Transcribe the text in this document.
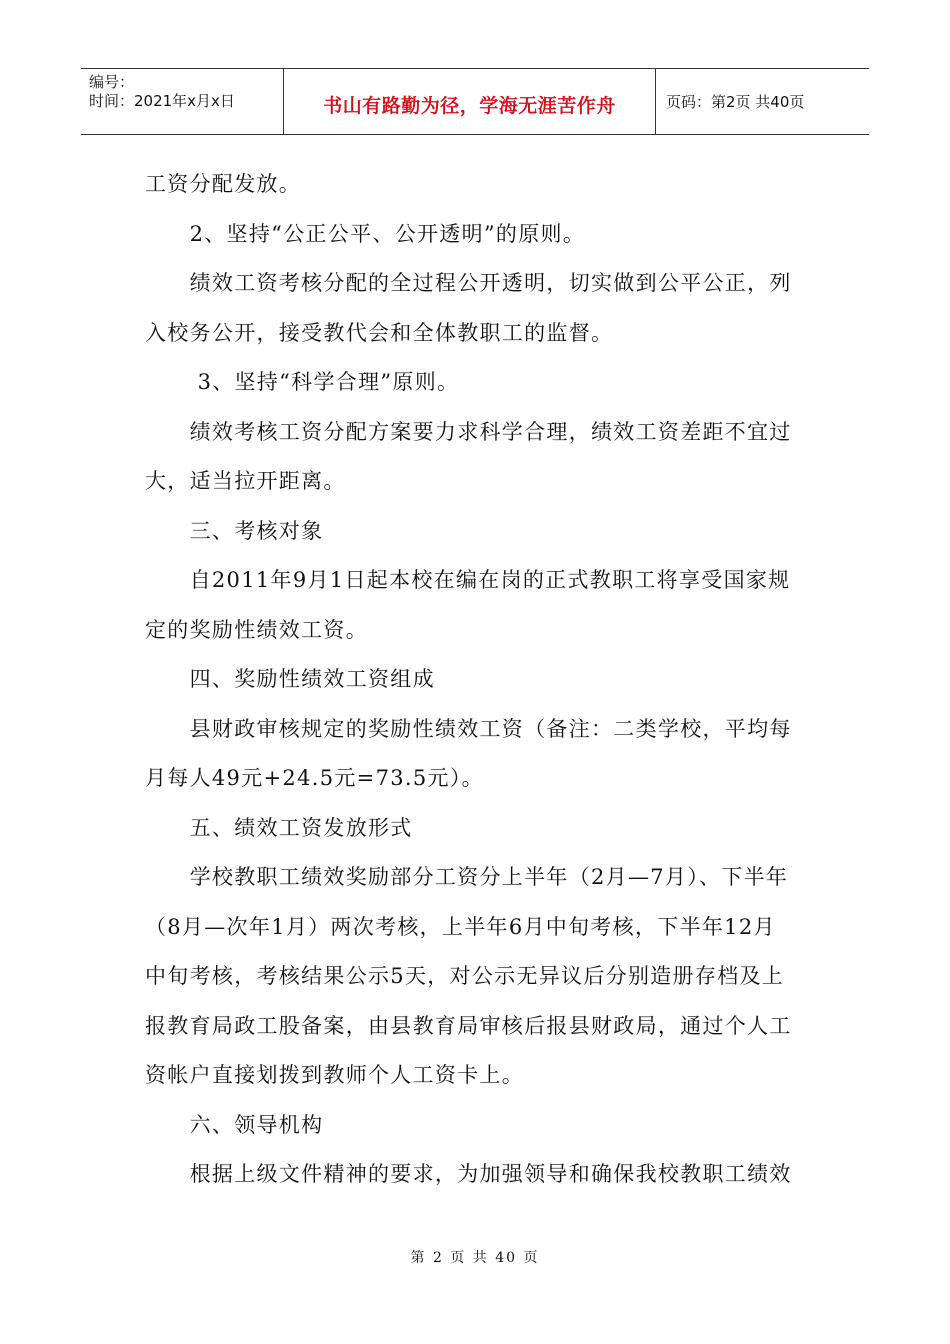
编号：
时间：2021年x月x日	书山有路勤为径，学海无涯苦作舟	页码：第2页 共40页

工资分配发放。

　　2、坚持“公正公平、公开透明”的原则。

　　绩效工资考核分配的全过程公开透明，切实做到公平公正，列

入校务公开，接受教代会和全体教职工的监督。

　　 3、坚持“科学合理”原则。

　　绩效考核工资分配方案要力求科学合理，绩效工资差距不宜过

大，适当拉开距离。

　　三、考核对象

　　自2011年9月1日起本校在编在岗的正式教职工将享受国家规

定的奖励性绩效工资。

　　四、奖励性绩效工资组成

　　县财政审核规定的奖励性绩效工资（备注：二类学校，平均每

月每人49元+24.5元=73.5元）。

　　五、绩效工资发放形式

　　学校教职工绩效奖励部分工资分上半年（2月—7月）、下半年

（8月—次年1月）两次考核，上半年6月中旬考核，下半年12月

中旬考核，考核结果公示5天，对公示无异议后分别造册存档及上

报教育局政工股备案，由县教育局审核后报县财政局，通过个人工

资帐户直接划拨到教师个人工资卡上。

　　六、领导机构

　　根据上级文件精神的要求，为加强领导和确保我校教职工绩效

第 2 页 共 40 页
